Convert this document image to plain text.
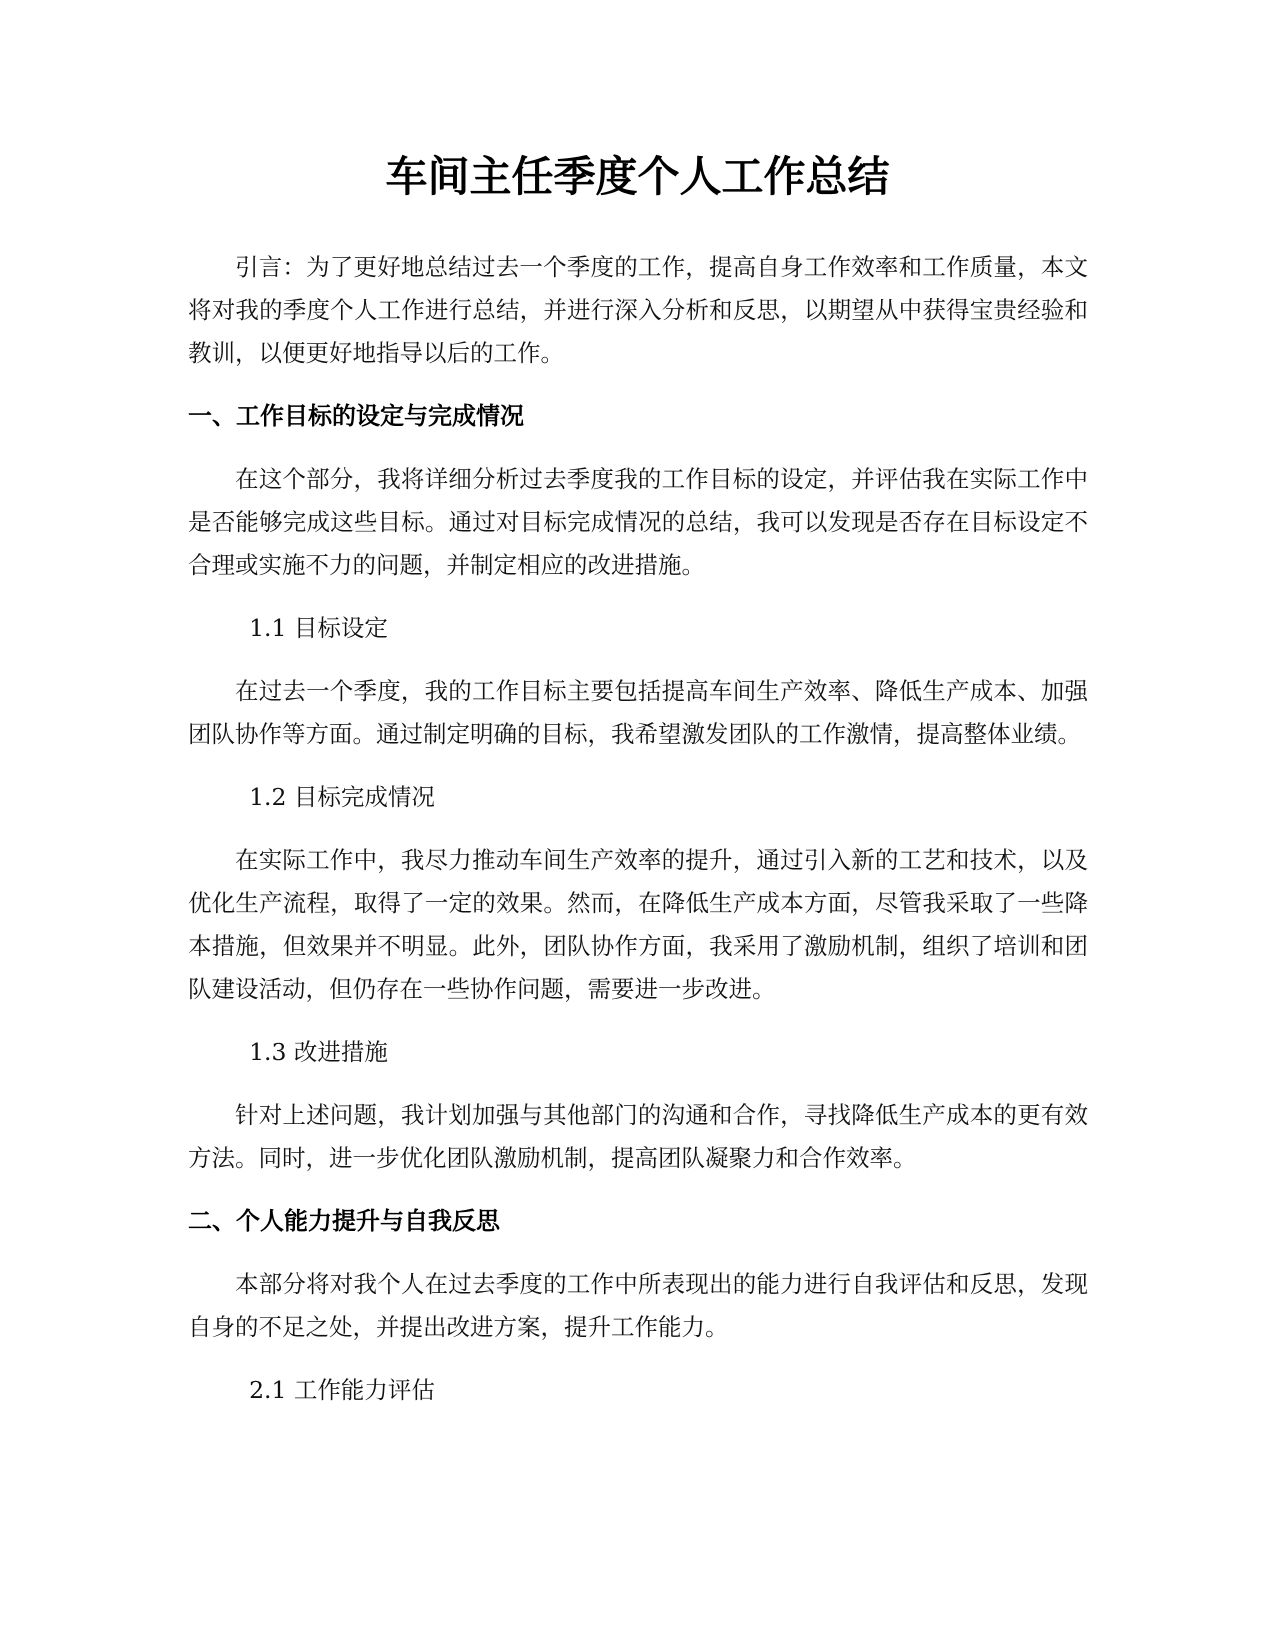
车间主任季度个人工作总结

引言：为了更好地总结过去一个季度的工作，提高自身工作效率和工作质量，本文将对我的季度个人工作进行总结，并进行深入分析和反思，以期望从中获得宝贵经验和教训，以便更好地指导以后的工作。

一、工作目标的设定与完成情况

在这个部分，我将详细分析过去季度我的工作目标的设定，并评估我在实际工作中是否能够完成这些目标。通过对目标完成情况的总结，我可以发现是否存在目标设定不合理或实施不力的问题，并制定相应的改进措施。

1.1 目标设定

在过去一个季度，我的工作目标主要包括提高车间生产效率、降低生产成本、加强团队协作等方面。通过制定明确的目标，我希望激发团队的工作激情，提高整体业绩。

1.2 目标完成情况

在实际工作中，我尽力推动车间生产效率的提升，通过引入新的工艺和技术，以及优化生产流程，取得了一定的效果。然而，在降低生产成本方面，尽管我采取了一些降本措施，但效果并不明显。此外，团队协作方面，我采用了激励机制，组织了培训和团队建设活动，但仍存在一些协作问题，需要进一步改进。

1.3 改进措施

针对上述问题，我计划加强与其他部门的沟通和合作，寻找降低生产成本的更有效方法。同时，进一步优化团队激励机制，提高团队凝聚力和合作效率。

二、个人能力提升与自我反思

本部分将对我个人在过去季度的工作中所表现出的能力进行自我评估和反思，发现自身的不足之处，并提出改进方案，提升工作能力。

2.1 工作能力评估
